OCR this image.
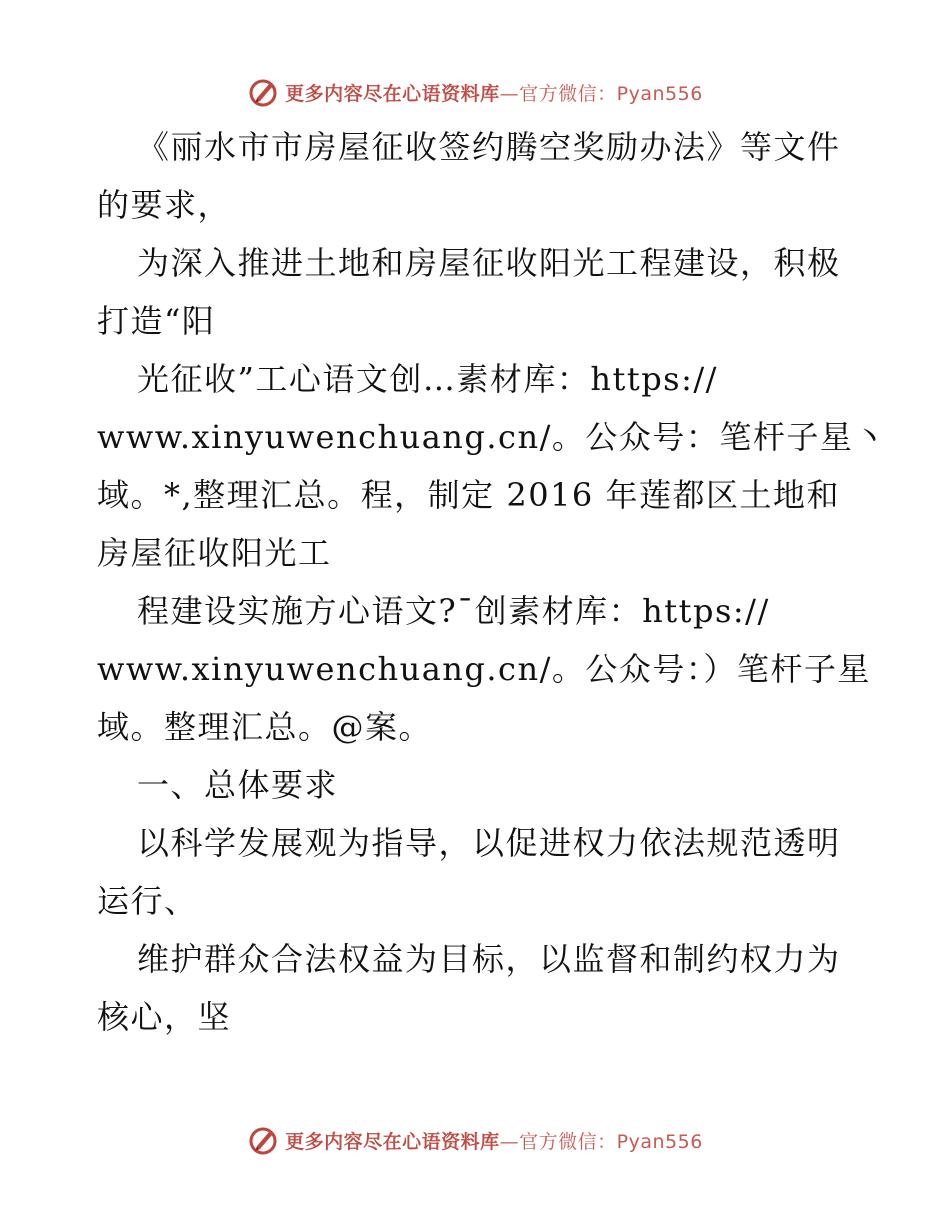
更多内容尽在心语资料库—官方微信：Pyan556
《丽水市市房屋征收签约腾空奖励办法》等文件
的要求，
为深入推进土地和房屋征收阳光工程建设，积极
打造“阳
光征收”工心语文创…素材库：https://
www.xinyuwenchuang.cn/。公众号：笔杆子星丶
域。*,整理汇总。程，制定 2016 年莲都区土地和
房屋征收阳光工
程建设实施方心语文?¯创素材库：https://
www.xinyuwenchuang.cn/。公众号：）笔杆子星
域。整理汇总。@案。
一、总体要求
以科学发展观为指导，以促进权力依法规范透明
运行、
维护群众合法权益为目标，以监督和制约权力为
核心，坚
更多内容尽在心语资料库—官方微信：Pyan556
